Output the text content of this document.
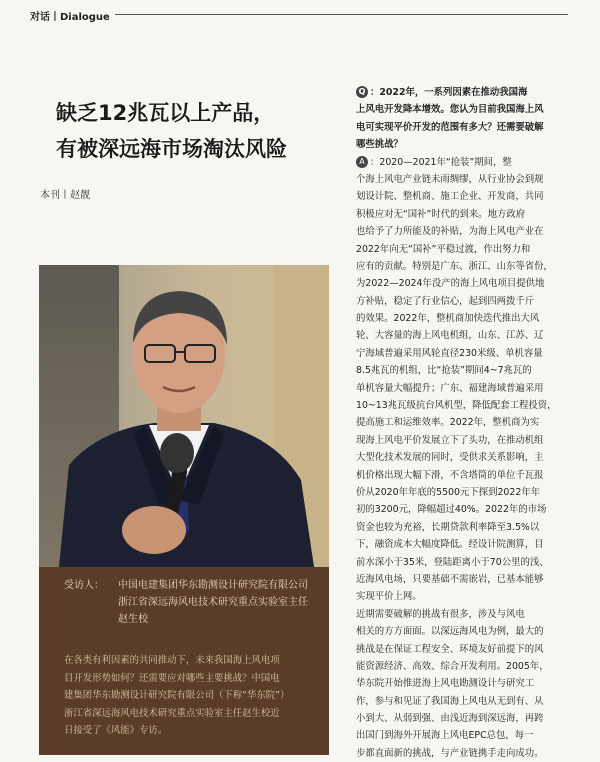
对话丨Dialogue
缺乏12兆瓦以上产品，
有被深远海市场淘汰风险
本刊丨赵靓
受访人： 中国电建集团华东勘测设计研究院有限公司
浙江省深远海风电技术研究重点实验室主任
赵生校
在各类有利因素的共同推动下，未来我国海上风电项
目开发形势如何？还需要应对哪些主要挑战？中国电
建集团华东勘测设计研究院有限公司（下称“华东院”）
浙江省深远海风电技术研究重点实验室主任赵生校近
日接受了《风能》专访。
Q ：2022年，一系列因素在推动我国海
上风电开发降本增效。您认为目前我国海上风
电可实现平价开发的范围有多大？还需要破解
哪些挑战？
A ：2020—2021年“抢装”期间，整
个海上风电产业链未雨绸缪，从行业协会到规
划设计院、整机商、施工企业、开发商，共同
积极应对无“国补”时代的到来。地方政府
也给予了力所能及的补贴，为海上风电产业在
2022年向无“国补”平稳过渡，作出努力和
应有的贡献。特别是广东、浙江、山东等省份，
为2022—2024年没产的海上风电项目提供地
方补贴，稳定了行业信心，起到四两拨千斤
的效果。2022年，整机商加快迭代推出大风
轮、大容量的海上风电机组，山东、江苏、辽
宁海域普遍采用风轮直径230米级、单机容量
8.5兆瓦的机组，比“抢装”期间4~7兆瓦的
单机容量大幅提升；广东、福建海域普遍采用
10~13兆瓦级抗台风机型，降低配套工程投资，
提高施工和运维效率。2022年，整机商为实
现海上风电平价发展立下了头功，在推动机组
大型化技术发展的同时，受供求关系影响，主
机价格出现大幅下滑，不含塔筒的单位千瓦报
价从2020年年底的5500元下探到2022年年
初的3200元，降幅超过40%。2022年的市场
资金也较为充裕，长期贷款利率降至3.5%以
下，融资成本大幅度降低。经设计院测算，目
前水深小于35米，登陆距离小于70公里的浅、
近海风电场，只要基础不需嵌岩，已基本能够
实现平价上网。
近期需要破解的挑战有很多，涉及与风电
相关的方方面面。以深远海风电为例，最大的
挑战是在保证工程安全、环境友好前提下的风
能资源经济、高效、综合开发利用。2005年，
华东院开始推进海上风电勘测设计与研究工
作，参与和见证了我国海上风电从无到有、从
小到大、从弱到强、由浅近海到深远海，再跨
出国门到海外开展海上风电EPC总包，每一
步都直面新的挑战，与产业链携手走向成功。
